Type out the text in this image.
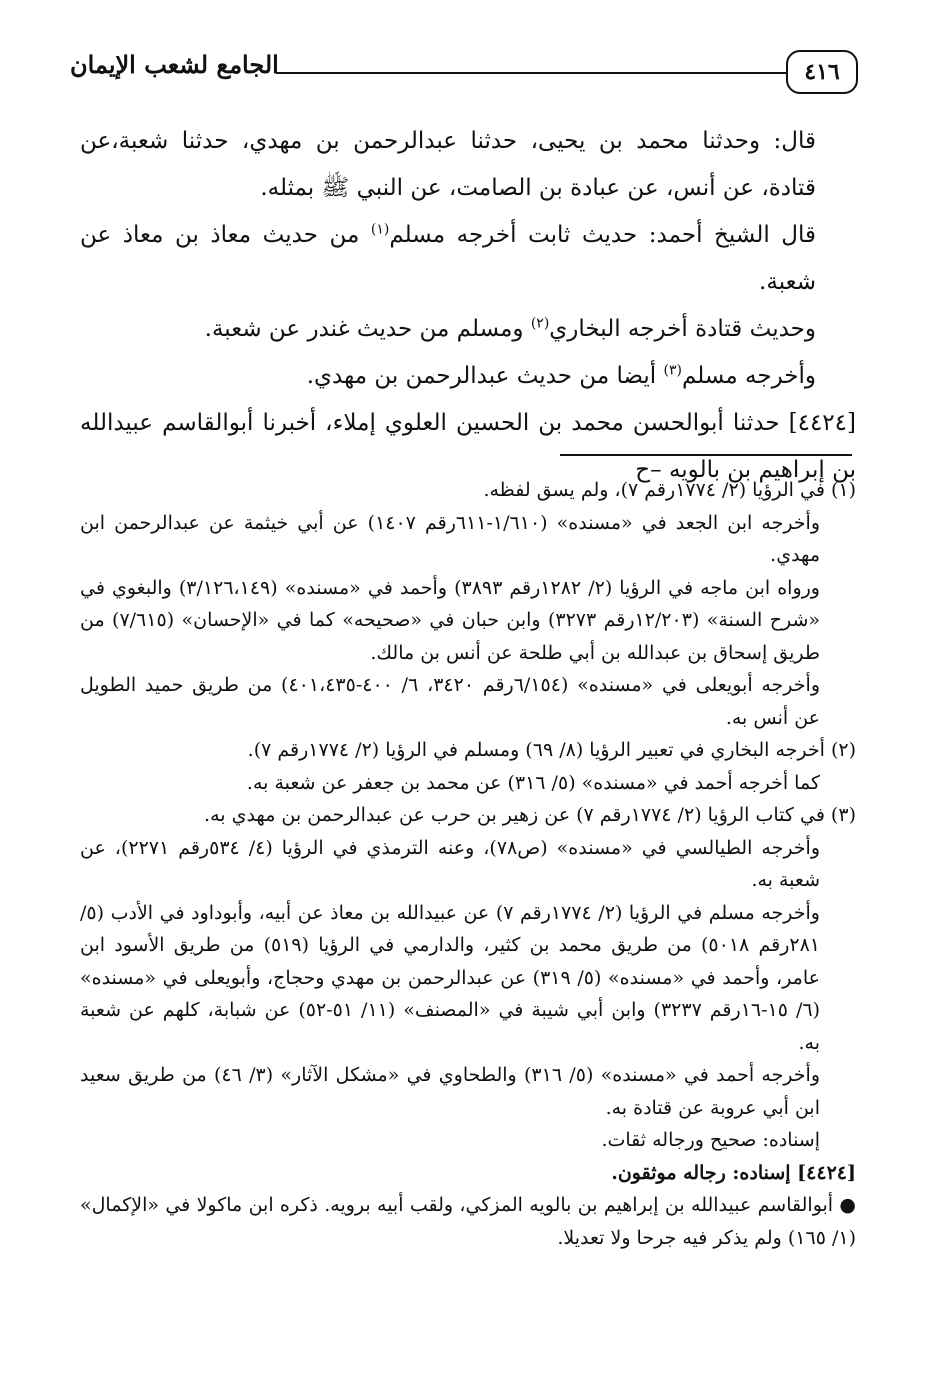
٤١٦
الجامع لشعب الإيمان

قال: وحدثنا محمد بن يحيى، حدثنا عبدالرحمن بن مهدي، حدثنا شعبة،عن قتادة، عن أنس، عن عبادة بن الصامت، عن النبي ﷺ بمثله.

قال الشيخ أحمد: حديث ثابت أخرجه مسلم$^{(١)}$ من حديث معاذ بن معاذ عن شعبة.

وحديث قتادة أخرجه البخاري$^{(٢)}$ ومسلم من حديث غندر عن شعبة.

وأخرجه مسلم$^{(٣)}$ أيضا من حديث عبدالرحمن بن مهدي.

[٤٤٢٤] حدثنا أبوالحسن محمد بن الحسين العلوي إملاء، أخبرنا أبوالقاسم عبيدالله بن إبراهيم بن بالويه –ح

(١) في الرؤيا (٢/ ١٧٧٤رقم ٧)، ولم يسق لفظه.

وأخرجه ابن الجعد في «مسنده» (١/٦١٠-٦١١رقم ١٤٠٧) عن أبي خيثمة عن عبدالرحمن ابن مهدي.

ورواه ابن ماجه في الرؤيا (٢/ ١٢٨٢رقم ٣٨٩٣) وأحمد في «مسنده» (٣/١٢٦،١٤٩) والبغوي في «شرح السنة» (١٢/٢٠٣رقم ٣٢٧٣) وابن حبان في «صحيحه» كما في «الإحسان» (٧/٦١٥) من طريق إسحاق بن عبدالله بن أبي طلحة عن أنس بن مالك.

وأخرجه أبويعلى في «مسنده» (٦/١٥٤رقم ٣٤٢٠، ٦/ ٤٠٠-٤٠١،٤٣٥) من طريق حميد الطويل عن أنس به.

(٢) أخرجه البخاري في تعبير الرؤيا (٨/ ٦٩) ومسلم في الرؤيا (٢/ ١٧٧٤رقم ٧).

كما أخرجه أحمد في «مسنده» (٥/ ٣١٦) عن محمد بن جعفر عن شعبة به.

(٣) في كتاب الرؤيا (٢/ ١٧٧٤رقم ٧) عن زهير بن حرب عن عبدالرحمن بن مهدي به.

وأخرجه الطيالسي في «مسنده» (ص٧٨)، وعنه الترمذي في الرؤيا (٤/ ٥٣٤رقم ٢٢٧١)، عن شعبة به.

وأخرجه مسلم في الرؤيا (٢/ ١٧٧٤رقم ٧) عن عبيدالله بن معاذ عن أبيه، وأبوداود في الأدب (٥/ ٢٨١رقم ٥٠١٨) من طريق محمد بن كثير، والدارمي في الرؤيا (٥١٩) من طريق الأسود ابن عامر، وأحمد في «مسنده» (٥/ ٣١٩) عن عبدالرحمن بن مهدي وحجاج، وأبويعلى في «مسنده» (٦/ ١٥-١٦رقم ٣٢٣٧) وابن أبي شيبة في «المصنف» (١١/ ٥١-٥٢) عن شبابة، كلهم عن شعبة به.

وأخرجه أحمد في «مسنده» (٥/ ٣١٦) والطحاوي في «مشكل الآثار» (٣/ ٤٦) من طريق سعيد ابن أبي عروبة عن قتادة به.

إسناده: صحيح ورجاله ثقات.

[٤٤٢٤] إسناده: رجاله موثقون.

● أبوالقاسم عبيدالله بن إبراهيم بن بالويه المزكي، ولقب أبيه برويه. ذكره ابن ماكولا في «الإكمال» (١/ ١٦٥) ولم يذكر فيه جرحا ولا تعديلا.
